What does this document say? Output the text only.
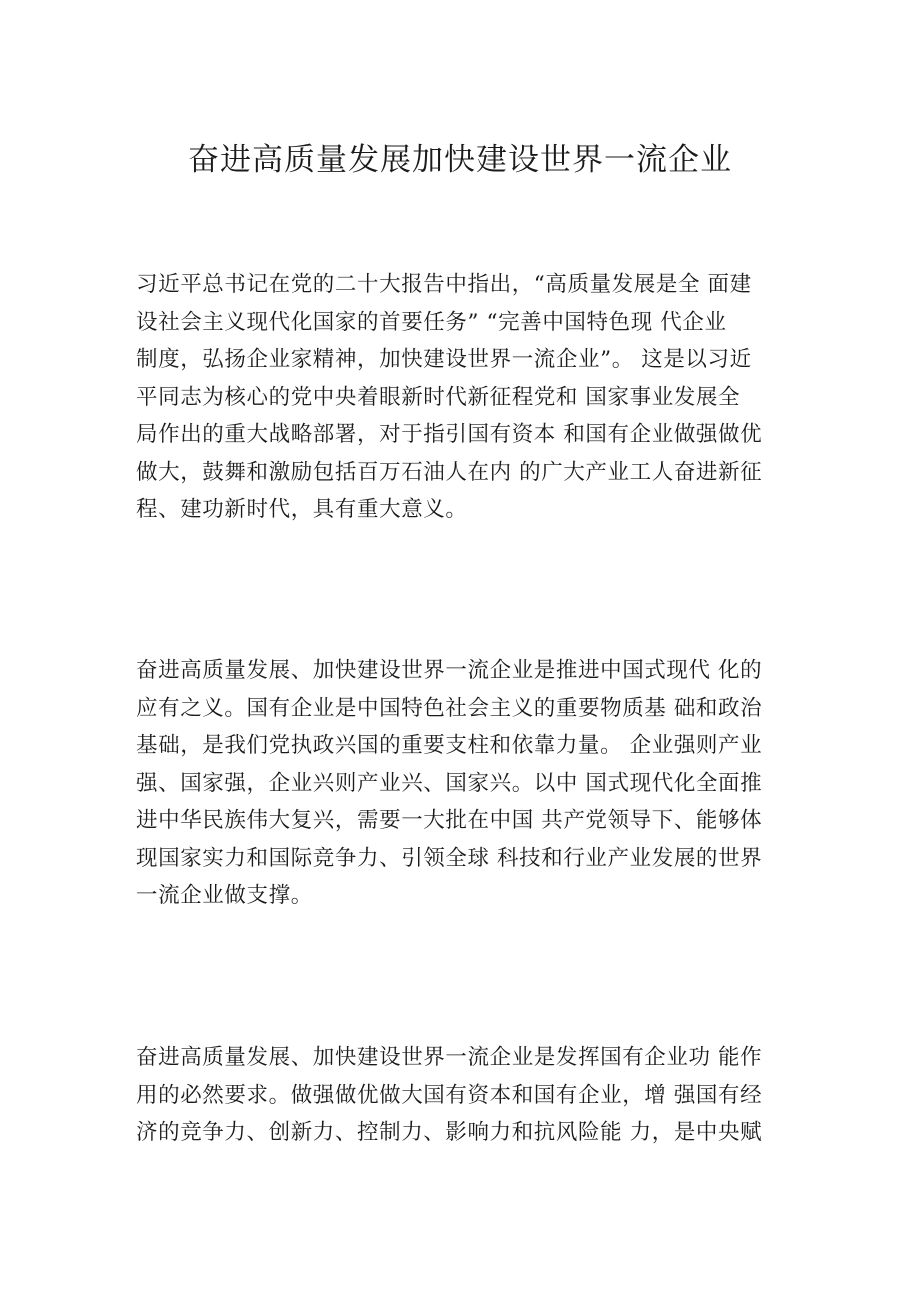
奋进高质量发展加快建设世界一流企业

习近平总书记在党的二十大报告中指出，“高质量发展是全 面建
设社会主义现代化国家的首要任务” “完善中国特色现 代企业
制度，弘扬企业家精神，加快建设世界一流企业”。 这是以习近
平同志为核心的党中央着眼新时代新征程党和 国家事业发展全
局作出的重大战略部署，对于指引国有资本 和国有企业做强做优
做大，鼓舞和激励包括百万石油人在内 的广大产业工人奋进新征
程、建功新时代，具有重大意义。

奋进高质量发展、加快建设世界一流企业是推进中国式现代 化的
应有之义。国有企业是中国特色社会主义的重要物质基 础和政治
基础，是我们党执政兴国的重要支柱和依靠力量。 企业强则产业
强、国家强，企业兴则产业兴、国家兴。以中 国式现代化全面推
进中华民族伟大复兴，需要一大批在中国 共产党领导下、能够体
现国家实力和国际竞争力、引领全球 科技和行业产业发展的世界
一流企业做支撑。

奋进高质量发展、加快建设世界一流企业是发挥国有企业功 能作
用的必然要求。做强做优做大国有资本和国有企业，增 强国有经
济的竞争力、创新力、控制力、影响力和抗风险能 力，是中央赋
